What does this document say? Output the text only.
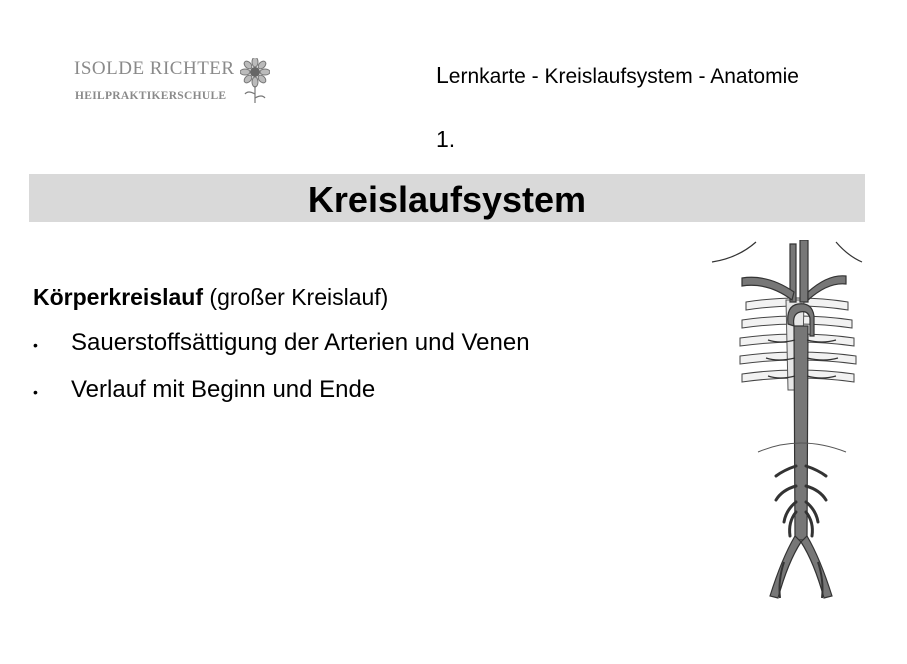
ISOLDE RICHTER
HEILPRAKTIKERSCHULE
Lernkarte - Kreislaufsystem - Anatomie
1.
Kreislaufsystem
Körperkreislauf (großer Kreislauf)
• Sauerstoffsättigung der Arterien und Venen
• Verlauf mit Beginn und Ende
